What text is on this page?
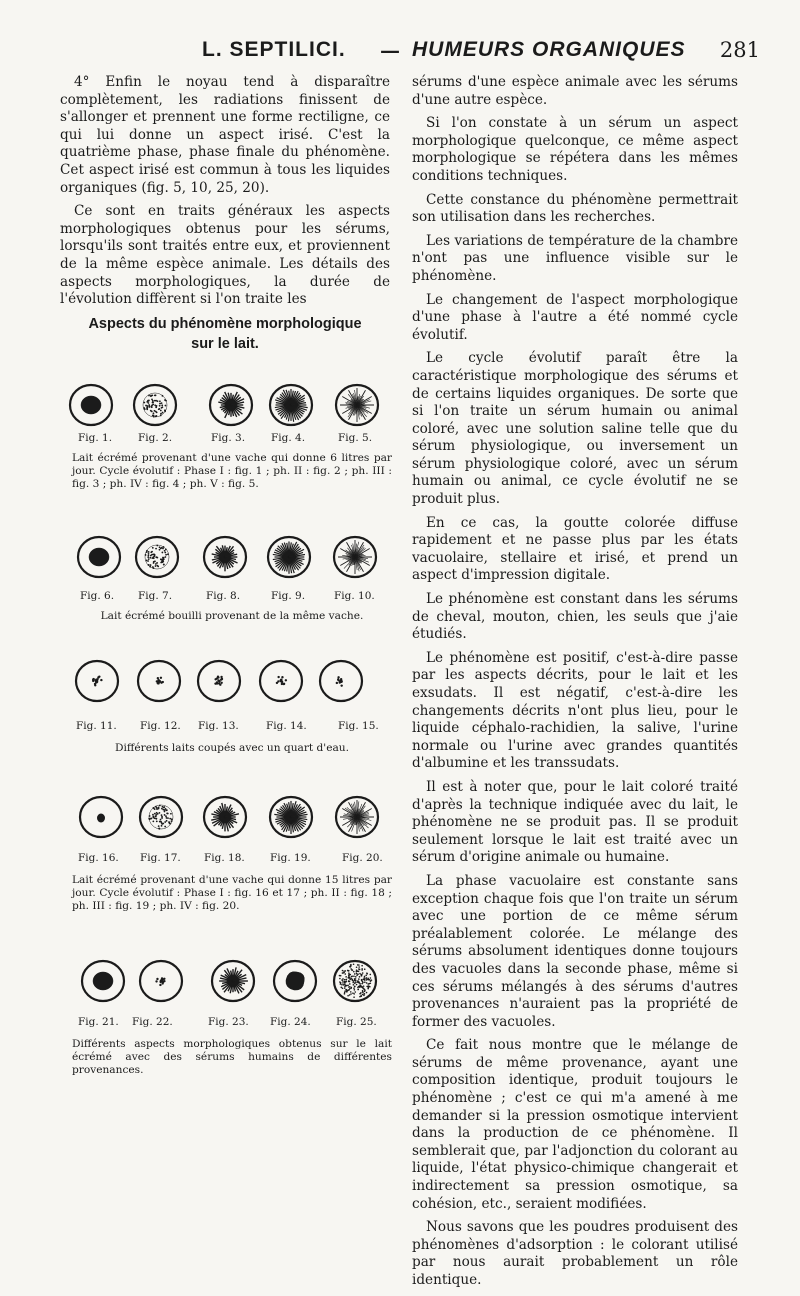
L. SEPTILICI. — HUMEURS ORGANIQUES 281

4° Enfin le noyau tend à disparaître complètement, les radiations finissent de s'allonger et prennent une forme rectiligne, ce qui lui donne un aspect irisé. C'est la quatrième phase, phase finale du phénomène. Cet aspect irisé est commun à tous les liquides organiques (fig. 5, 10, 25, 20).

Ce sont en traits généraux les aspects morphologiques obtenus pour les sérums, lorsqu'ils sont traités entre eux, et proviennent de la même espèce animale. Les détails des aspects morphologiques, la durée de l'évolution diffèrent si l'on traite les

Aspects du phénomène morphologique
sur le lait.
Fig. 1. Fig. 2.	Fig. 3. Fig. 4.	Fig. 5.
Lait écrémé provenant d'une vache qui donne 6 litres par jour. Cycle évolutif : Phase I : fig. 1 ; ph. II : fig. 2 ; ph. III : fig. 3 ; ph. IV : fig. 4 ; ph. V : fig. 5.
Fig. 6. Fig. 7.	Fig. 8.	Fig. 9.	Fig. 10.
Lait écrémé bouilli provenant de la même vache.
Fig. 11. Fig. 12. Fig. 13.	Fig. 14.	Fig. 15.
Différents laits coupés avec un quart d'eau.
Fig. 16. Fig. 17. Fig. 18. Fig. 19.	Fig. 20.
Lait écrémé provenant d'une vache qui donne 15 litres par jour. Cycle évolutif : Phase I : fig. 16 et 17 ; ph. II : fig. 18 ; ph. III : fig. 19 ; ph. IV : fig. 20.
Fig. 21. Fig. 22.	Fig. 23. Fig. 24. Fig. 25.
Différents aspects morphologiques obtenus sur le lait écrémé avec des sérums humains de différentes provenances.

sérums d'une espèce animale avec les sérums d'une autre espèce.

Si l'on constate à un sérum un aspect morphologique quelconque, ce même aspect morphologique se répétera dans les mêmes conditions techniques.

Cette constance du phénomène permettrait son utilisation dans les recherches.

Les variations de température de la chambre n'ont pas une influence visible sur le phénomène.

Le changement de l'aspect morphologique d'une phase à l'autre a été nommé cycle évolutif.

Le cycle évolutif paraît être la caractéristique morphologique des sérums et de certains liquides organiques. De sorte que si l'on traite un sérum humain ou animal coloré, avec une solution saline telle que du sérum physiologique, ou inversement un sérum physiologique coloré, avec un sérum humain ou animal, ce cycle évolutif ne se produit plus.

En ce cas, la goutte colorée diffuse rapidement et ne passe plus par les états vacuolaire, stellaire et irisé, et prend un aspect d'impression digitale.

Le phénomène est constant dans les sérums de cheval, mouton, chien, les seuls que j'aie étudiés.

Le phénomène est positif, c'est-à-dire passe par les aspects décrits, pour le lait et les exsudats. Il est négatif, c'est-à-dire les changements décrits n'ont plus lieu, pour le liquide céphalo-rachidien, la salive, l'urine normale ou l'urine avec grandes quantités d'albumine et les transsudats.

Il est à noter que, pour le lait coloré traité d'après la technique indiquée avec du lait, le phénomène ne se produit pas. Il se produit seulement lorsque le lait est traité avec un sérum d'origine animale ou humaine.

La phase vacuolaire est constante sans exception chaque fois que l'on traite un sérum avec une portion de ce même sérum préalablement colorée. Le mélange des sérums absolument identiques donne toujours des vacuoles dans la seconde phase, même si ces sérums mélangés à des sérums d'autres provenances n'auraient pas la propriété de former des vacuoles.

Ce fait nous montre que le mélange de sérums de même provenance, ayant une composition identique, produit toujours le phénomène ; c'est ce qui m'a amené à me demander si la pression osmotique intervient dans la production de ce phénomène. Il semblerait que, par l'adjonction du colorant au liquide, l'état physico-chimique changerait et indirectement sa pression osmotique, sa cohésion, etc., seraient modifiées.

Nous savons que les poudres produisent des phénomènes d'adsorption : le colorant utilisé par nous aurait probablement un rôle identique.
